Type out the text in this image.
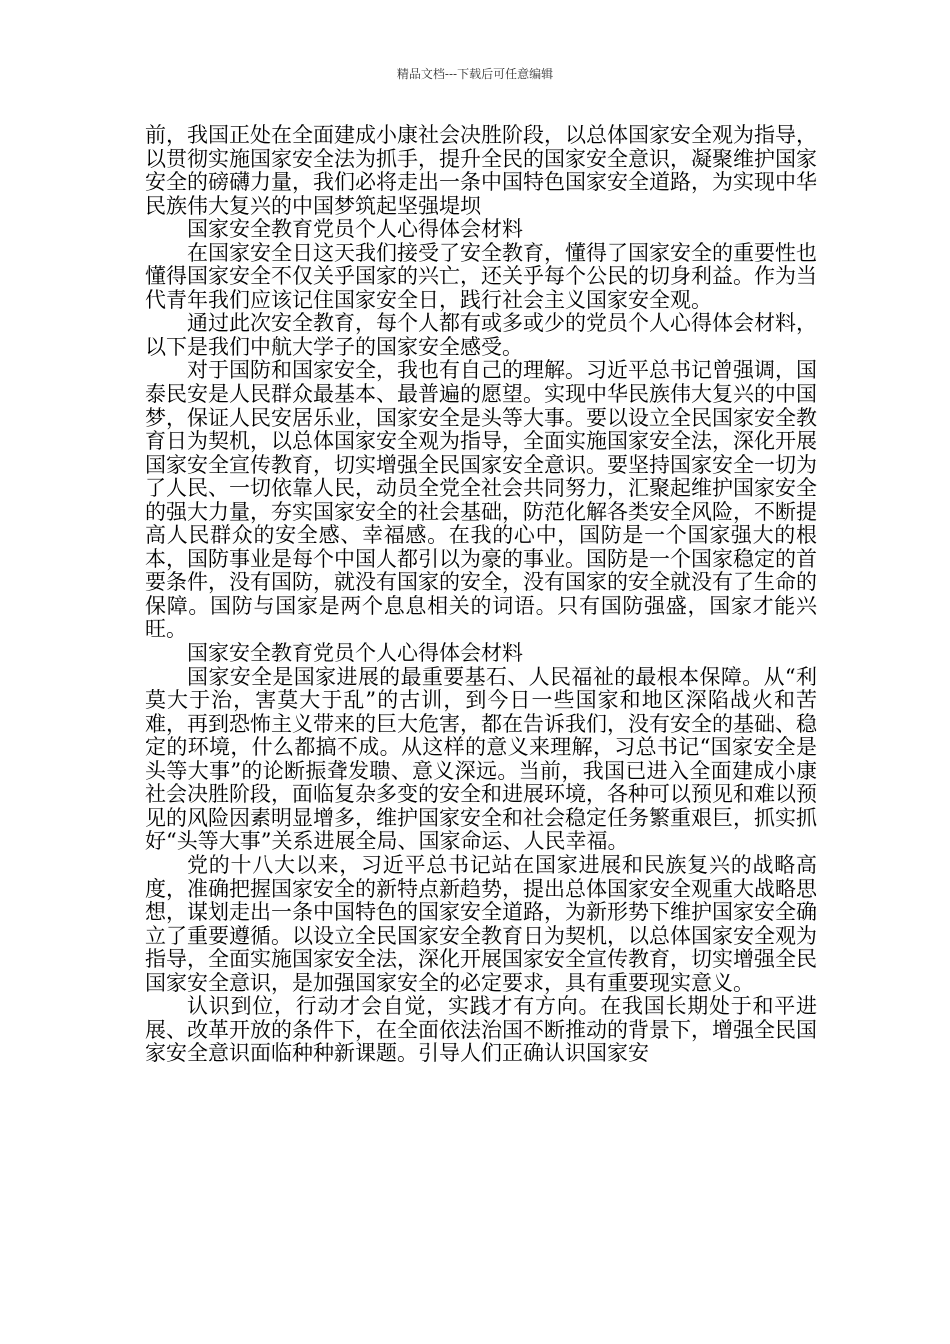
精品文档---下载后可任意编辑

前，我国正处在全面建成小康社会决胜阶段，以总体国家安全观为指导，以贯彻实施国家安全法为抓手，提升全民的国家安全意识，凝聚维护国家安全的磅礴力量，我们必将走出一条中国特色国家安全道路，为实现中华民族伟大复兴的中国梦筑起坚强堤坝

国家安全教育党员个人心得体会材料

在国家安全日这天我们接受了安全教育，懂得了国家安全的重要性也懂得国家安全不仅关乎国家的兴亡，还关乎每个公民的切身利益。作为当代青年我们应该记住国家安全日，践行社会主义国家安全观。

通过此次安全教育，每个人都有或多或少的党员个人心得体会材料，以下是我们中航大学子的国家安全感受。

对于国防和国家安全，我也有自己的理解。习近平总书记曾强调，国泰民安是人民群众最基本、最普遍的愿望。实现中华民族伟大复兴的中国梦，保证人民安居乐业，国家安全是头等大事。要以设立全民国家安全教育日为契机，以总体国家安全观为指导，全面实施国家安全法，深化开展国家安全宣传教育，切实增强全民国家安全意识。要坚持国家安全一切为了人民、一切依靠人民，动员全党全社会共同努力，汇聚起维护国家安全的强大力量，夯实国家安全的社会基础，防范化解各类安全风险，不断提高人民群众的安全感、幸福感。在我的心中，国防是一个国家强大的根本，国防事业是每个中国人都引以为豪的事业。国防是一个国家稳定的首要条件，没有国防，就没有国家的安全，没有国家的安全就没有了生命的保障。国防与国家是两个息息相关的词语。只有国防强盛，国家才能兴旺。

国家安全教育党员个人心得体会材料

国家安全是国家进展的最重要基石、人民福祉的最根本保障。从“利莫大于治，害莫大于乱”的古训，到今日一些国家和地区深陷战火和苦难，再到恐怖主义带来的巨大危害，都在告诉我们，没有安全的基础、稳定的环境，什么都搞不成。从这样的意义来理解，习总书记“国家安全是头等大事”的论断振聋发聩、意义深远。当前，我国已进入全面建成小康社会决胜阶段，面临复杂多变的安全和进展环境，各种可以预见和难以预见的风险因素明显增多，维护国家安全和社会稳定任务繁重艰巨，抓实抓好“头等大事”关系进展全局、国家命运、人民幸福。

党的十八大以来，习近平总书记站在国家进展和民族复兴的战略高度，准确把握国家安全的新特点新趋势，提出总体国家安全观重大战略思想，谋划走出一条中国特色的国家安全道路，为新形势下维护国家安全确立了重要遵循。以设立全民国家安全教育日为契机，以总体国家安全观为指导，全面实施国家安全法，深化开展国家安全宣传教育，切实增强全民国家安全意识，是加强国家安全的必定要求，具有重要现实意义。

认识到位，行动才会自觉，实践才有方向。在我国长期处于和平进展、改革开放的条件下，在全面依法治国不断推动的背景下，增强全民国家安全意识面临种种新课题。引导人们正确认识国家安
